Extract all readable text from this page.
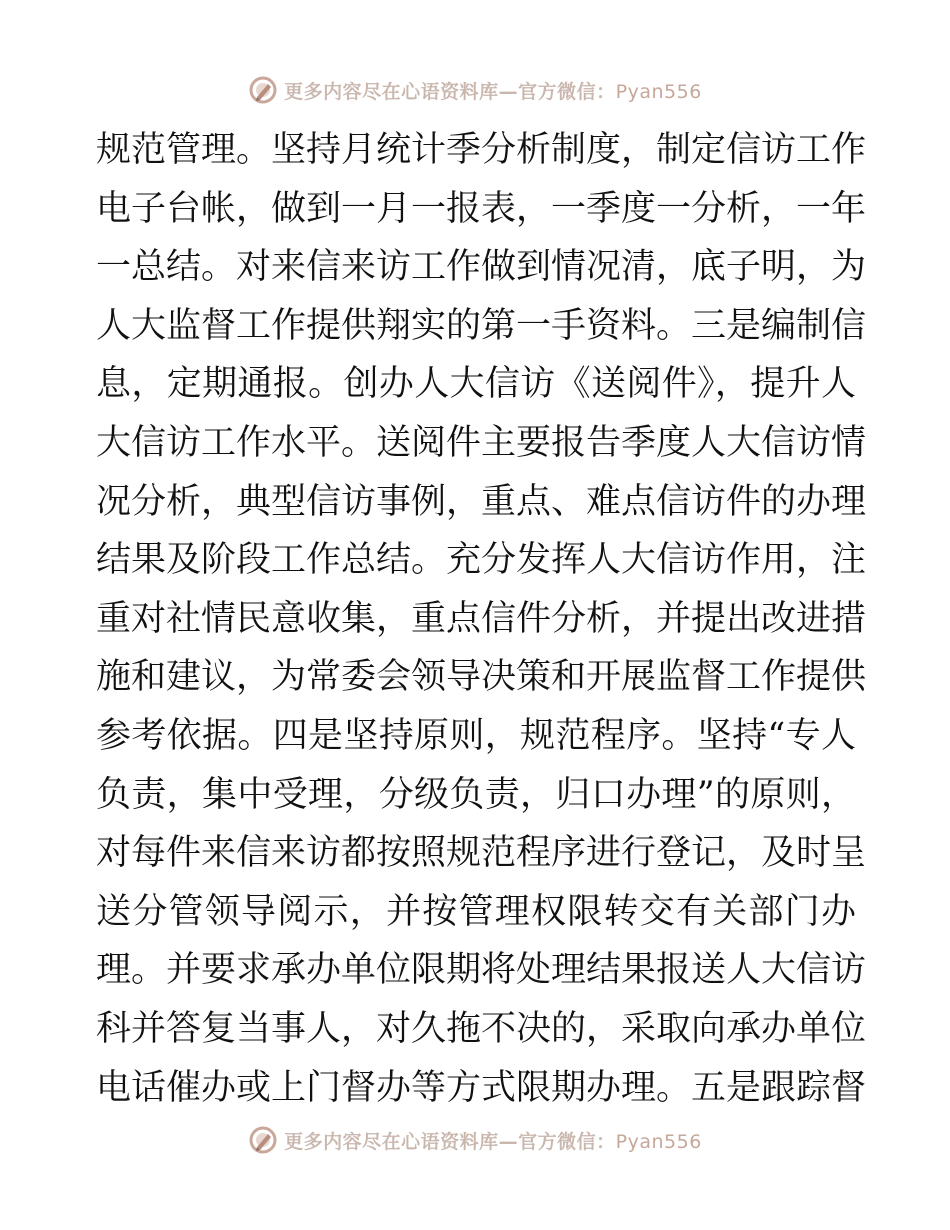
更多内容尽在心语资料库—官方微信：Pyan556
规范管理。坚持月统计季分析制度，制定信访工作
电子台帐，做到一月一报表，一季度一分析，一年
一总结。对来信来访工作做到情况清，底子明，为
人大监督工作提供翔实的第一手资料。三是编制信
息，定期通报。创办人大信访《送阅件》，提升人
大信访工作水平。送阅件主要报告季度人大信访情
况分析，典型信访事例，重点、难点信访件的办理
结果及阶段工作总结。充分发挥人大信访作用，注
重对社情民意收集，重点信件分析，并提出改进措
施和建议，为常委会领导决策和开展监督工作提供
参考依据。四是坚持原则，规范程序。坚持“专人
负责，集中受理，分级负责，归口办理”的原则，
对每件来信来访都按照规范程序进行登记，及时呈
送分管领导阅示，并按管理权限转交有关部门办
理。并要求承办单位限期将处理结果报送人大信访
科并答复当事人，对久拖不决的，采取向承办单位
电话催办或上门督办等方式限期办理。五是跟踪督
更多内容尽在心语资料库—官方微信：Pyan556
